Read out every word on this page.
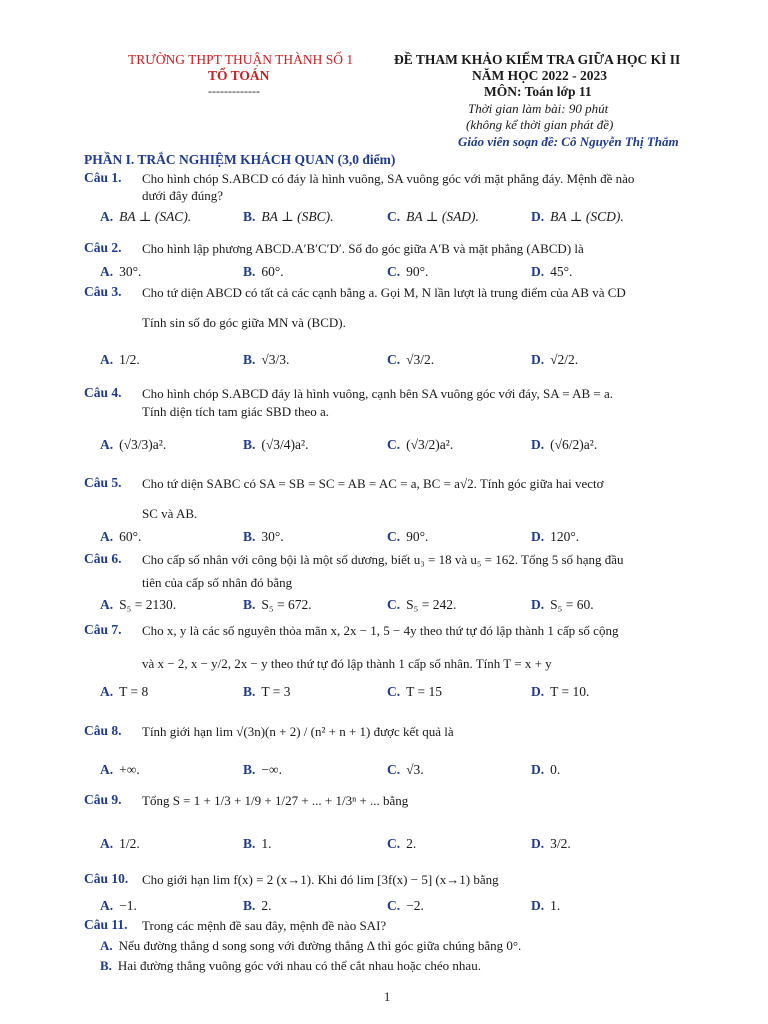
TRƯỜNG THPT THUẬN THÀNH SỐ 1
TỔ TOÁN
-------------
ĐỀ THAM KHẢO KIỂM TRA GIỮA HỌC KÌ II
NĂM HỌC 2022 - 2023
MÔN: Toán lớp 11
Thời gian làm bài: 90 phút
(không kể thời gian phát đề)
Giáo viên soạn đề: Cô Nguyễn Thị Thắm
PHẦN I. TRẮC NGHIỆM KHÁCH QUAN (3,0 điểm)
Câu 1. Cho hình chóp S.ABCD có đáy là hình vuông, SA vuông góc với mặt phẳng đáy. Mệnh đề nào
dưới đây đúng?
A. BA ⊥ (SAC).	B. BA ⊥ (SBC).	C. BA ⊥ (SAD).	D. BA ⊥ (SCD).
Câu 2. Cho hình lập phương ABCD.A′B′C′D′. Số đo góc giữa A′B và mặt phẳng (ABCD) là
A. 30°.	B. 60°.	C. 90°.	D. 45°.
Câu 3. Cho tứ diện ABCD có tất cả các cạnh bằng a. Gọi M, N lần lượt là trung điểm của AB và CD
Tính sin số đo góc giữa MN và (BCD).
A. 1/2.	B. √3/3.	C. √3/2.	D. √2/2.
Câu 4. Cho hình chóp S.ABCD đáy là hình vuông, cạnh bên SA vuông góc với đáy, SA = AB = a.
Tính diện tích tam giác SBD theo a.
A. (√3/3)a².	B. (√3/4)a².	C. (√3/2)a².	D. (√6/2)a².
Câu 5. Cho tứ diện SABC có SA = SB = SC = AB = AC = a, BC = a√2. Tính góc giữa hai vectơ
SC và AB.
A. 60°.	B. 30°.	C. 90°.	D. 120°.
Câu 6. Cho cấp số nhân với công bội là một số dương, biết u₃ = 18 và u₅ = 162. Tổng 5 số hạng đầu
tiên của cấp số nhân đó bằng
A. S₅ = 2130.	B. S₅ = 672.	C. S₅ = 242.	D. S₅ = 60.
Câu 7. Cho x, y là các số nguyên thỏa mãn x, 2x − 1, 5 − 4y theo thứ tự đó lập thành 1 cấp số cộng
và x − 2, x − y/2, 2x − y theo thứ tự đó lập thành 1 cấp số nhân. Tính T = x + y
A. T = 8	B. T = 3	C. T = 15	D. T = 10.
Câu 8. Tính giới hạn lim √(3n)(n + 2) / (n² + n + 1) được kết quả là
A. +∞.	B. −∞.	C. √3.	D. 0.
Câu 9. Tổng S = 1 + 1/3 + 1/9 + 1/27 + ... + 1/3ⁿ + ... bằng
A. 1/2.	B. 1.	C. 2.	D. 3/2.
Câu 10. Cho giới hạn lim f(x) = 2 (x→1). Khi đó lim [3f(x) − 5] (x→1) bằng
A. −1.	B. 2.	C. −2.	D. 1.
Câu 11. Trong các mệnh đề sau đây, mệnh đề nào SAI?
A. Nếu đường thẳng d song song với đường thẳng Δ thì góc giữa chúng bằng 0°.
B. Hai đường thẳng vuông góc với nhau có thể cắt nhau hoặc chéo nhau.
1
